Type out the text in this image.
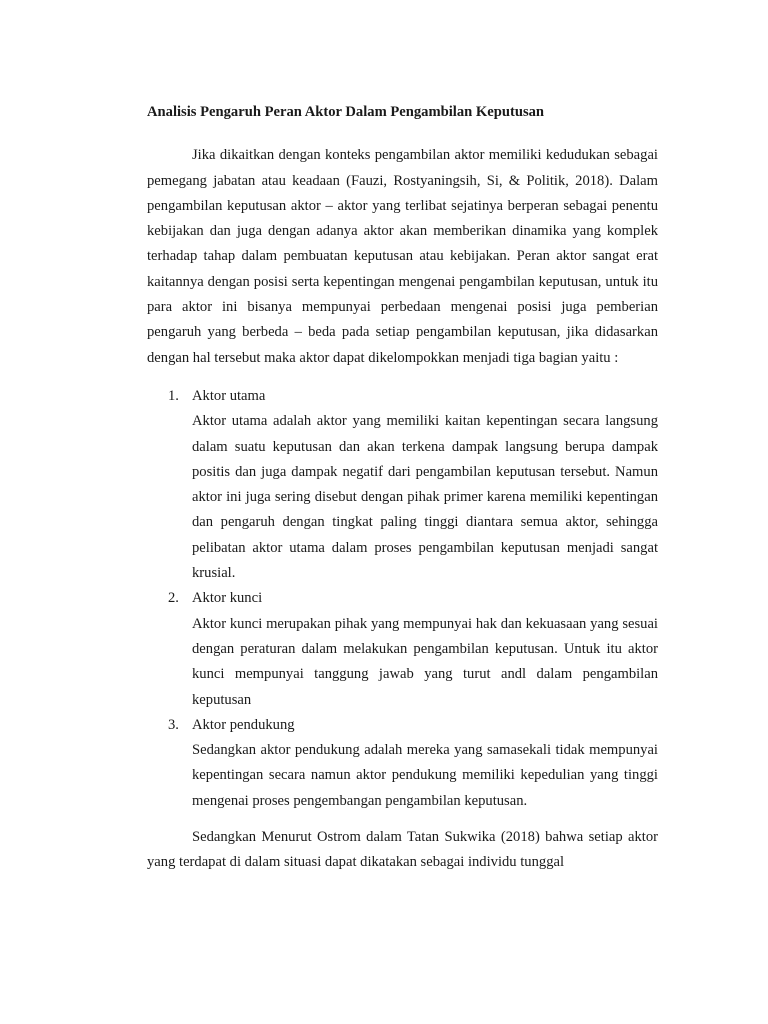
Analisis Pengaruh Peran Aktor Dalam Pengambilan Keputusan

Jika dikaitkan dengan konteks pengambilan aktor memiliki kedudukan sebagai pemegang jabatan atau keadaan (Fauzi, Rostyaningsih, Si, & Politik, 2018). Dalam pengambilan keputusan aktor – aktor yang terlibat sejatinya berperan sebagai penentu kebijakan dan juga dengan adanya aktor akan memberikan dinamika yang komplek terhadap tahap dalam pembuatan keputusan atau kebijakan. Peran aktor sangat erat kaitannya dengan posisi serta kepentingan mengenai pengambilan keputusan, untuk itu para aktor ini bisanya mempunyai perbedaan mengenai posisi juga pemberian pengaruh yang berbeda – beda pada setiap pengambilan keputusan, jika didasarkan dengan hal tersebut maka aktor dapat dikelompokkan menjadi tiga bagian yaitu :

1. Aktor utama

Aktor utama adalah aktor yang memiliki kaitan kepentingan secara langsung dalam suatu keputusan dan akan terkena dampak langsung berupa dampak positis dan juga dampak negatif dari pengambilan keputusan tersebut. Namun aktor ini juga sering disebut dengan pihak primer karena memiliki kepentingan dan pengaruh dengan tingkat paling tinggi diantara semua aktor, sehingga pelibatan aktor utama dalam proses pengambilan keputusan menjadi sangat krusial.

2. Aktor kunci

Aktor kunci merupakan pihak yang mempunyai hak dan kekuasaan yang sesuai dengan peraturan dalam melakukan pengambilan keputusan. Untuk itu aktor kunci mempunyai tanggung jawab yang turut andl dalam pengambilan keputusan

3. Aktor pendukung

Sedangkan aktor pendukung adalah mereka yang samasekali tidak mempunyai kepentingan secara namun aktor pendukung memiliki kepedulian yang tinggi mengenai proses pengembangan pengambilan keputusan.

Sedangkan Menurut Ostrom dalam Tatan Sukwika (2018) bahwa setiap aktor yang terdapat di dalam situasi dapat dikatakan sebagai individu tunggal
